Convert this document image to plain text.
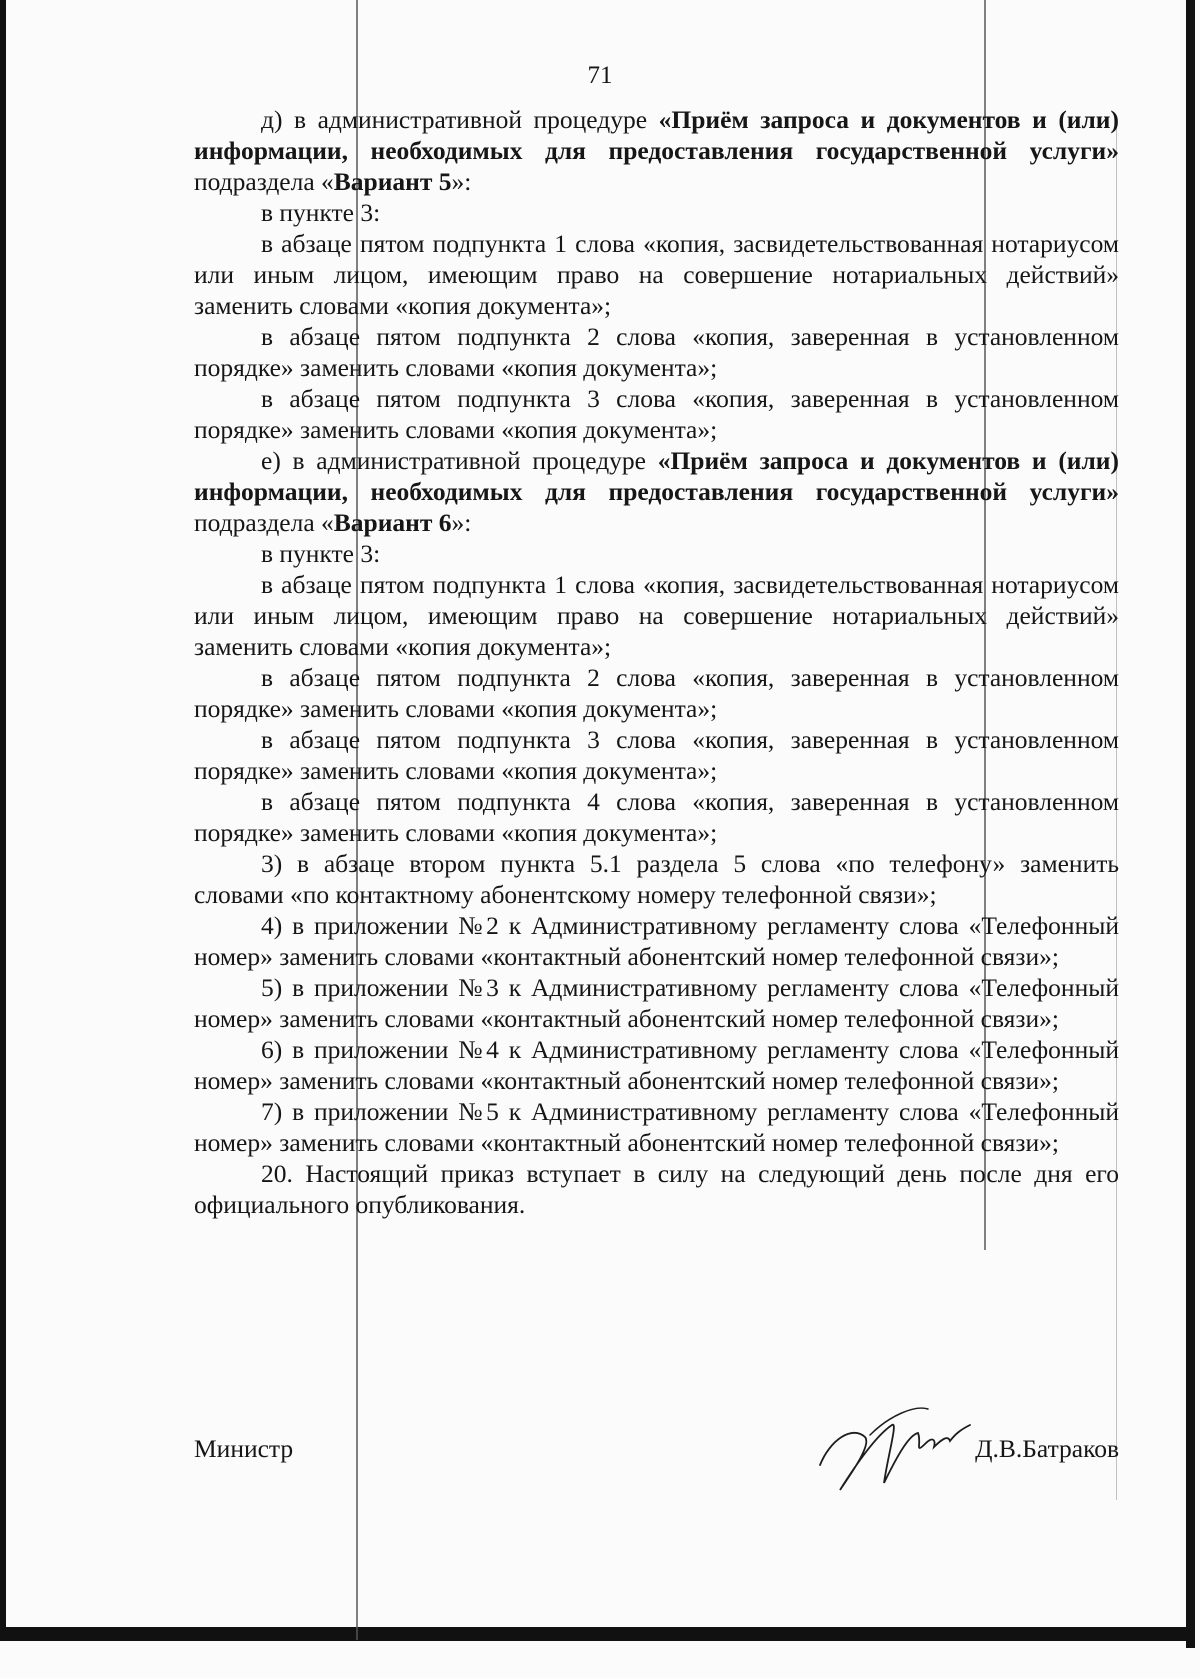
71

д) в административной процедуре «Приём запроса и документов и (или) информации, необходимых для предоставления государственной услуги» подраздела «Вариант 5»:

в пункте 3:

в абзаце пятом подпункта 1 слова «копия, засвидетельствованная нотариусом или иным лицом, имеющим право на совершение нотариальных действий» заменить словами «копия документа»;

в абзаце пятом подпункта 2 слова «копия, заверенная в установленном порядке» заменить словами «копия документа»;

в абзаце пятом подпункта 3 слова «копия, заверенная в установленном порядке» заменить словами «копия документа»;

е) в административной процедуре «Приём запроса и документов и (или) информации, необходимых для предоставления государственной услуги» подраздела «Вариант 6»:

в пункте 3:

в абзаце пятом подпункта 1 слова «копия, засвидетельствованная нотариусом или иным лицом, имеющим право на совершение нотариальных действий» заменить словами «копия документа»;

в абзаце пятом подпункта 2 слова «копия, заверенная в установленном порядке» заменить словами «копия документа»;

в абзаце пятом подпункта 3 слова «копия, заверенная в установленном порядке» заменить словами «копия документа»;

в абзаце пятом подпункта 4 слова «копия, заверенная в установленном порядке» заменить словами «копия документа»;

3) в абзаце втором пункта 5.1 раздела 5 слова «по телефону» заменить словами «по контактному абонентскому номеру телефонной связи»;

4) в приложении №2 к Административному регламенту слова «Телефонный номер» заменить словами «контактный абонентский номер телефонной связи»;

5) в приложении №3 к Административному регламенту слова «Телефонный номер» заменить словами «контактный абонентский номер телефонной связи»;

6) в приложении №4 к Административному регламенту слова «Телефонный номер» заменить словами «контактный абонентский номер телефонной связи»;

7) в приложении №5 к Административному регламенту слова «Телефонный номер» заменить словами «контактный абонентский номер телефонной связи»;

20. Настоящий приказ вступает в силу на следующий день после дня его официального опубликования.

Министр	Д.В.Батраков
